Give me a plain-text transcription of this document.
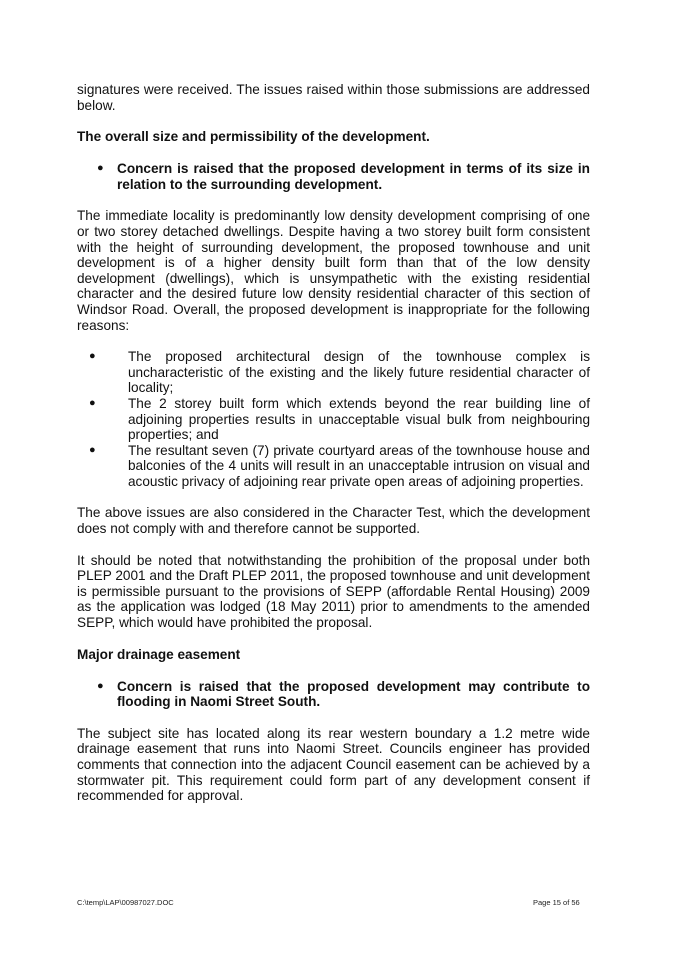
signatures were received. The issues raised within those submissions are addressed below.

The overall size and permissibility of the development.
● Concern is raised that the proposed development in terms of its size in relation to the surrounding development.

The immediate locality is predominantly low density development comprising of one or two storey detached dwellings. Despite having a two storey built form consistent with the height of surrounding development, the proposed townhouse and unit development is of a higher density built form than that of the low density development (dwellings), which is unsympathetic with the existing residential character and the desired future low density residential character of this section of Windsor Road. Overall, the proposed development is inappropriate for the following reasons:

● The proposed architectural design of the townhouse complex is uncharacteristic of the existing and the likely future residential character of locality;
● The 2 storey built form which extends beyond the rear building line of adjoining properties results in unacceptable visual bulk from neighbouring properties; and
● The resultant seven (7) private courtyard areas of the townhouse house and balconies of the 4 units will result in an unacceptable intrusion on visual and acoustic privacy of adjoining rear private open areas of adjoining properties.

The above issues are also considered in the Character Test, which the development does not comply with and therefore cannot be supported.

It should be noted that notwithstanding the prohibition of the proposal under both PLEP 2001 and the Draft PLEP 2011, the proposed townhouse and unit development is permissible pursuant to the provisions of SEPP (affordable Rental Housing) 2009 as the application was lodged (18 May 2011) prior to amendments to the amended SEPP, which would have prohibited the proposal.

Major drainage easement
● Concern is raised that the proposed development may contribute to flooding in Naomi Street South.

The subject site has located along its rear western boundary a 1.2 metre wide drainage easement that runs into Naomi Street. Councils engineer has provided comments that connection into the adjacent Council easement can be achieved by a stormwater pit. This requirement could form part of any development consent if recommended for approval.

C:\temp\LAP\00987027.DOC	Page 15 of 56
